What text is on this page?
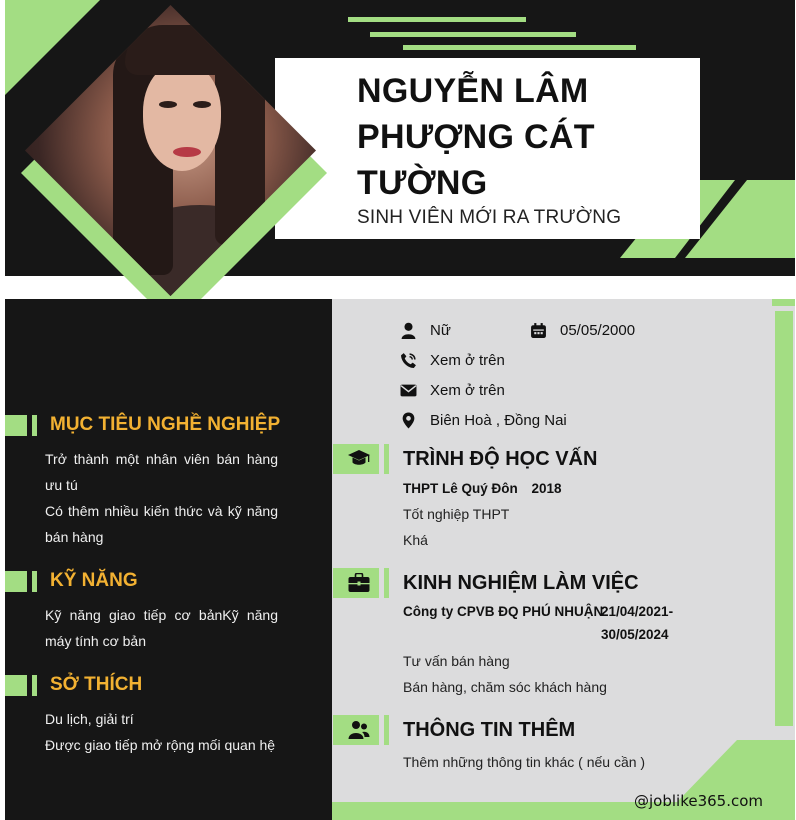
NGUYỄN LÂM
PHƯỢNG CÁT
TƯỜNG
SINH VIÊN MỚI RA TRƯỜNG
MỤC TIÊU NGHỀ NGHIỆP

Trở thành một nhân viên bán hàng ưu tú

Có thêm nhiều kiến thức và kỹ năng bán hàng

KỸ NĂNG

Kỹ năng giao tiếp cơ bảnKỹ năng máy tính cơ bản

SỞ THÍCH

Du lịch, giải trí

Được giao tiếp mở rộng mối quan hệ

Nữ	05/05/2000
Xem ở trên
Xem ở trên
Biên Hoà , Đồng Nai
TRÌNH ĐỘ HỌC VẤN
THPT Lê Quý Đôn 2018
Tốt nghiệp THPT
Khá
KINH NGHIỆM LÀM VIỆC
Công ty CPVB ĐQ PHÚ NHUẬN
21/04/2021-
30/05/2024
Tư vấn bán hàng
Bán hàng, chăm sóc khách hàng
THÔNG TIN THÊM
Thêm những thông tin khác ( nếu cần )
@joblike365.com
